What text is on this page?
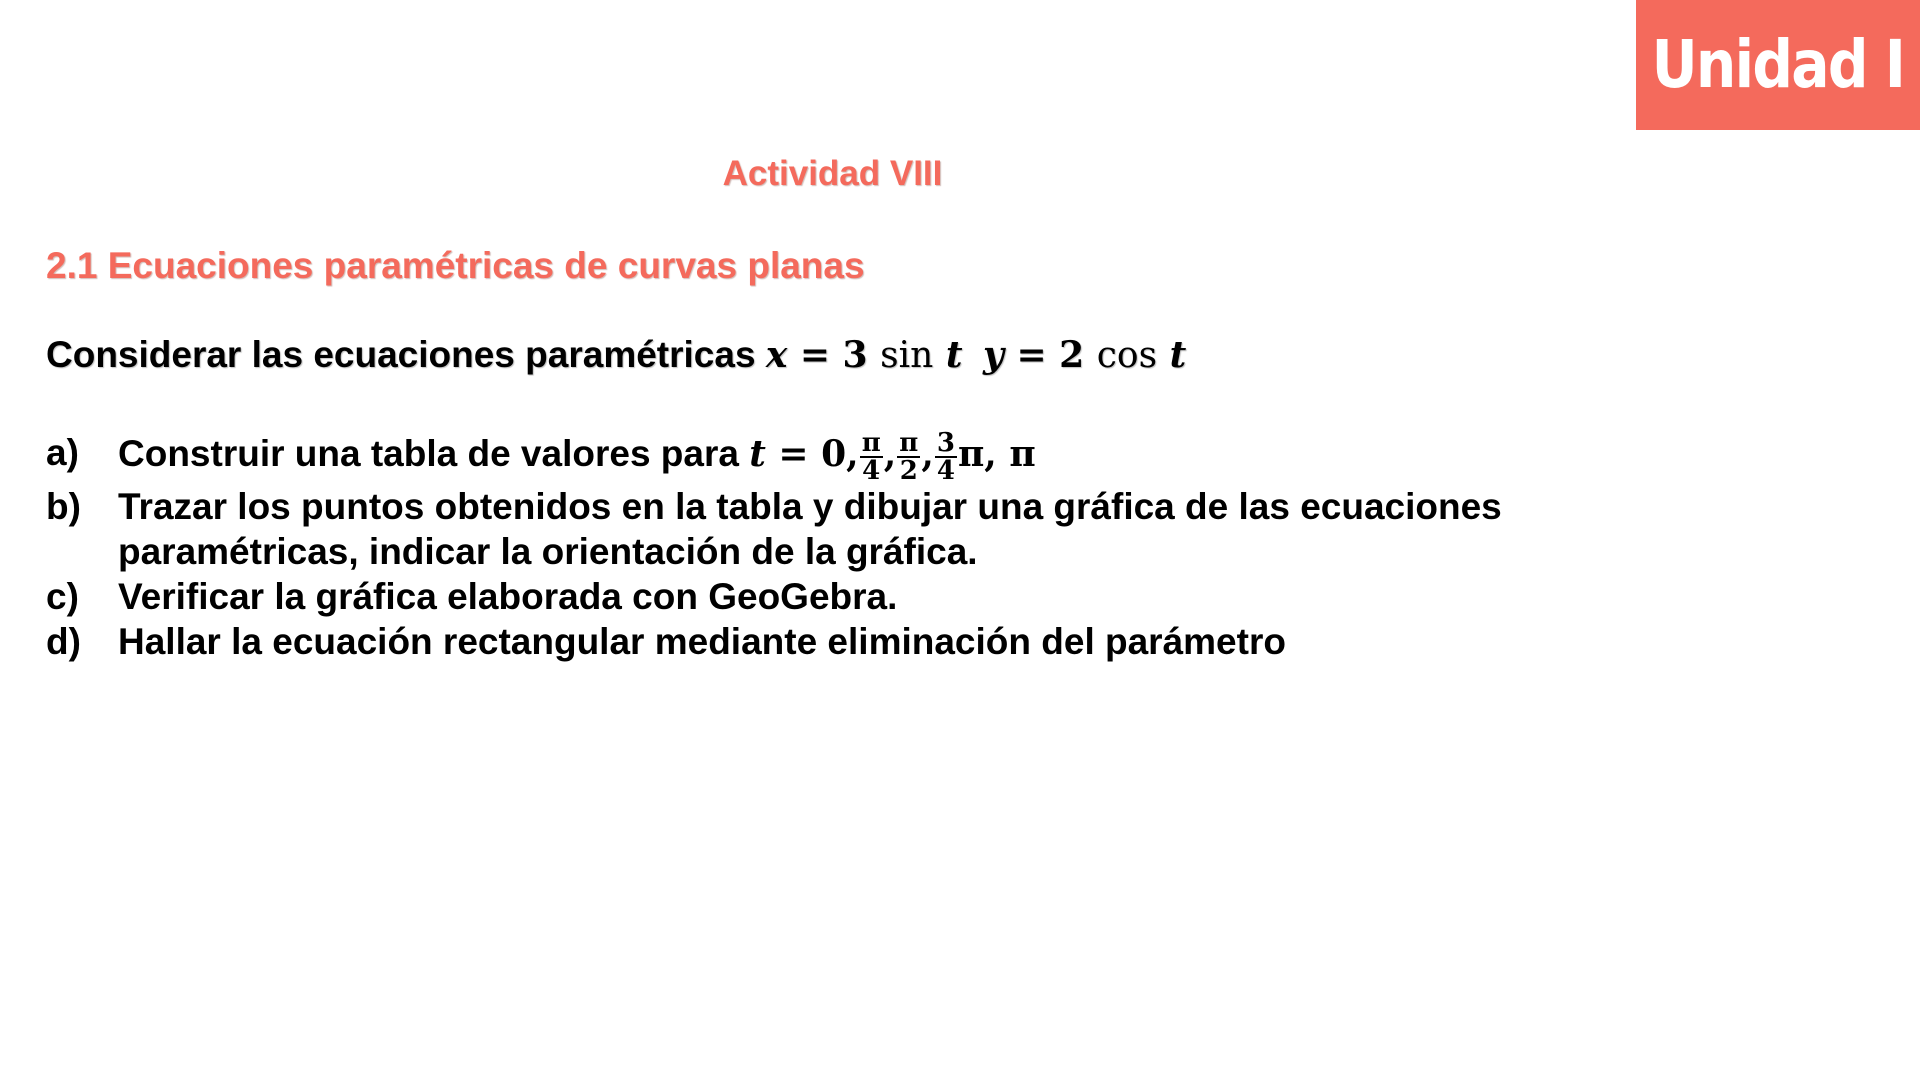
Unidad I
Actividad VIII
2.1 Ecuaciones paramétricas de curvas planas
Considerar las ecuaciones paramétricas x = 3 sin t y = 2 cos t
a)	Construir una tabla de valores para t = 0, $\frac{\pi}{4}$ , $\frac{\pi}{2}$ , $\frac{3}{4} \pi$, π
b)	Trazar los puntos obtenidos en la tabla y dibujar una gráfica de las ecuaciones paramétricas, indicar la orientación de la gráfica.
c)	Verificar la gráfica elaborada con GeoGebra.
d)	Hallar la ecuación rectangular mediante eliminación del parámetro
